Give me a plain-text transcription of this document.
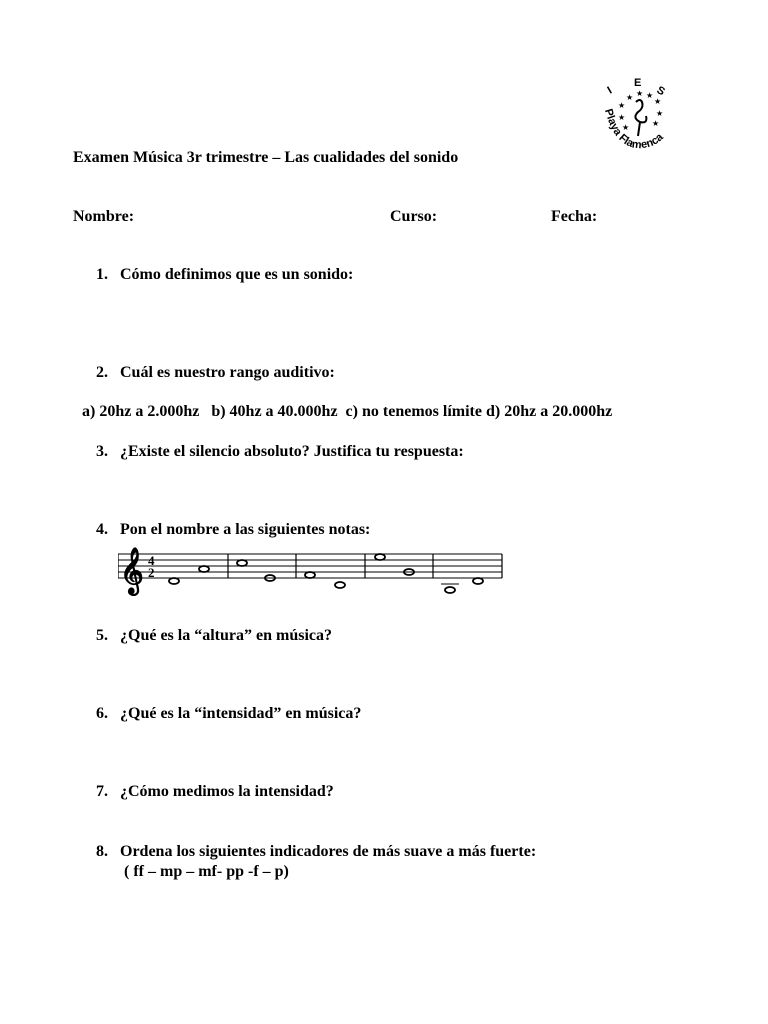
I
E
S
★
★ ★ ★
★
★
★
★
★
Playa Flamenca
Examen Música 3r trimestre – Las cualidades del sonido
Nombre:	Curso:	Fecha:
1. Cómo definimos que es un sonido:
2. Cuál es nuestro rango auditivo:
a) 20hz a 2.000hz   b) 40hz a 40.000hz  c) no tenemos límite d) 20hz a 20.000hz
3. ¿Existe el silencio absoluto? Justifica tu respuesta:
4. Pon el nombre a las siguientes notas:
𝄞 4
2
5. ¿Qué es la “altura” en música?
6. ¿Qué es la “intensidad” en música?
7. ¿Cómo medimos la intensidad?
8. Ordena los siguientes indicadores de más suave a más fuerte:
( ff – mp – mf- pp -f – p)
